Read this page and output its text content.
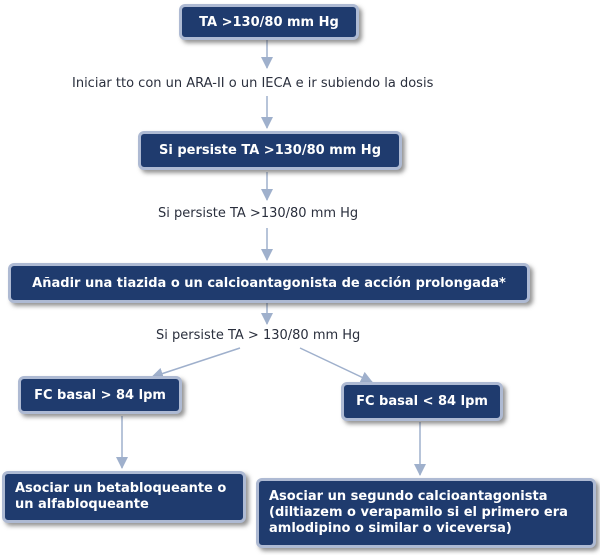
TA >130/80 mm Hg
Iniciar tto con un ARA-II o un IECA e ir subiendo la dosis
Si persiste TA >130/80 mm Hg
Si persiste TA >130/80 mm Hg
Añadir una tiazida o un calcioantagonista de acción prolongada*
Si persiste TA > 130/80 mm Hg
FC basal > 84 lpm	FC basal < 84 lpm
Asociar un betabloqueante o
un alfabloqueante
Asociar un segundo calcioantagonista
(diltiazem o verapamilo si el primero era
amlodipino o similar o viceversa)
